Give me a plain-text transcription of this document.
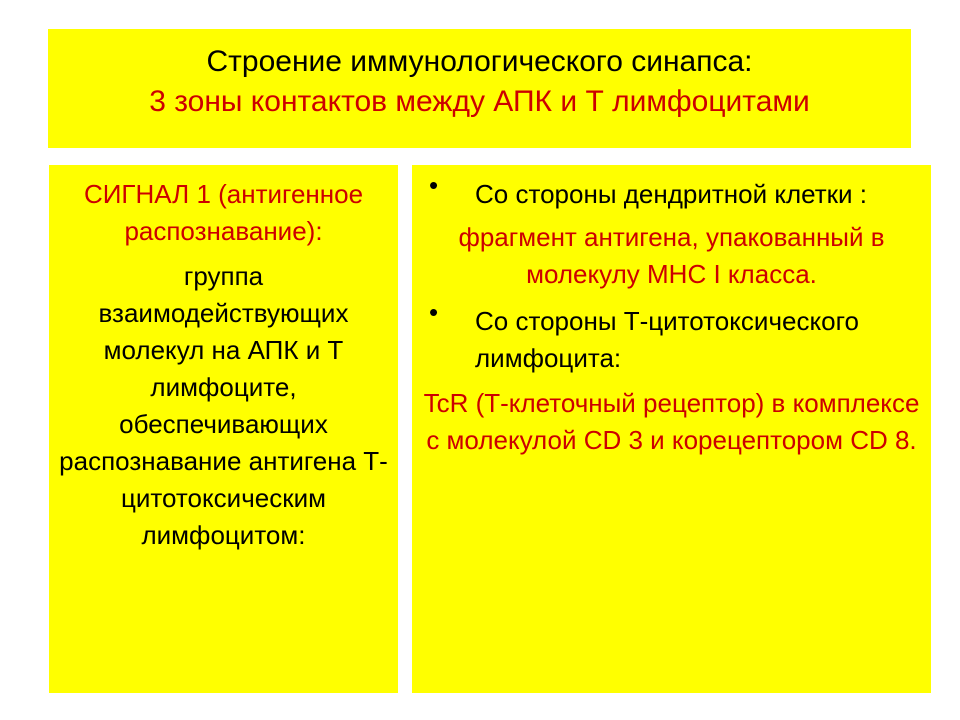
Строение иммунологического синапса:
3 зоны контактов между АПК и Т лимфоцитами
СИГНАЛ 1 (антигенное распознавание):
группа взаимодействующих молекул на АПК и Т лимфоците, обеспечивающих распознавание антигена Т-цитотоксическим лимфоцитом:
• Со стороны дендритной клетки :
фрагмент антигена, упакованный в молекулу МНС I класса.
• Со стороны Т-цитотоксического лимфоцита:
TcR (Т-клеточный рецептор) в комплексе с молекулой CD 3 и корецептором CD 8.
